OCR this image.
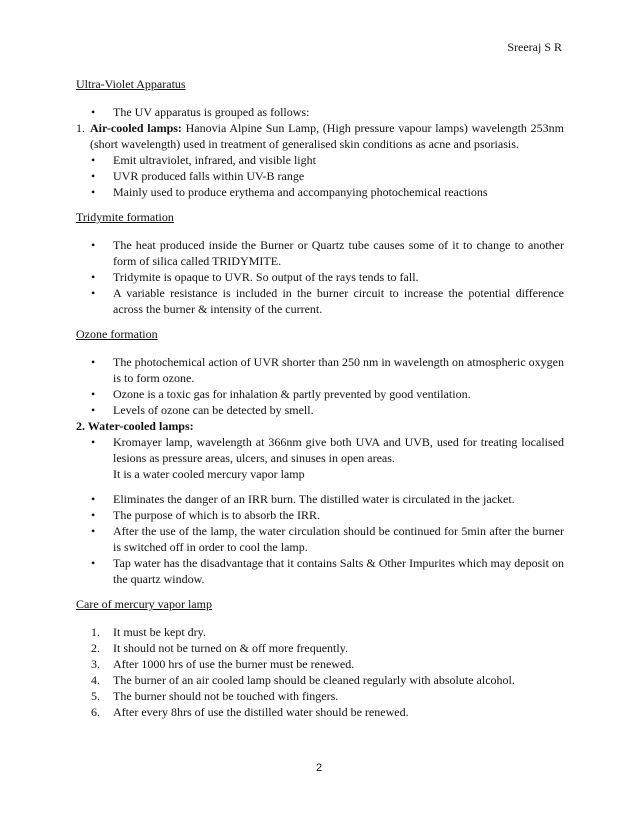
Sreeraj S R

Ultra-Violet Apparatus

• The UV apparatus is grouped as follows:
1. Air-cooled lamps: Hanovia Alpine Sun Lamp, (High pressure vapour lamps) wavelength 253nm (short wavelength) used in treatment of generalised skin conditions as acne and psoriasis.
• Emit ultraviolet, infrared, and visible light
• UVR produced falls within UV-B range
• Mainly used to produce erythema and accompanying photochemical reactions

Tridymite formation

• The heat produced inside the Burner or Quartz tube causes some of it to change to another form of silica called TRIDYMITE.
• Tridymite is opaque to UVR. So output of the rays tends to fall.
• A variable resistance is included in the burner circuit to increase the potential difference across the burner & intensity of the current.

Ozone formation

• The photochemical action of UVR shorter than 250 nm in wavelength on atmospheric oxygen is to form ozone.
• Ozone is a toxic gas for inhalation & partly prevented by good ventilation.
• Levels of ozone can be detected by smell.

2. Water-cooled lamps:

• Kromayer lamp, wavelength at 366nm give both UVA and UVB, used for treating localised lesions as pressure areas, ulcers, and sinuses in open areas.
It is a water cooled mercury vapor lamp
• Eliminates the danger of an IRR burn. The distilled water is circulated in the jacket.
• The purpose of which is to absorb the IRR.
• After the use of the lamp, the water circulation should be continued for 5min after the burner is switched off in order to cool the lamp.
• Tap water has the disadvantage that it contains Salts & Other Impurites which may deposit on the quartz window.

Care of mercury vapor lamp

1. It must be kept dry.
2. It should not be turned on & off more frequently.
3. After 1000 hrs of use the burner must be renewed.
4. The burner of an air cooled lamp should be cleaned regularly with absolute alcohol.
5. The burner should not be touched with fingers.
6. After every 8hrs of use the distilled water should be renewed.
2
